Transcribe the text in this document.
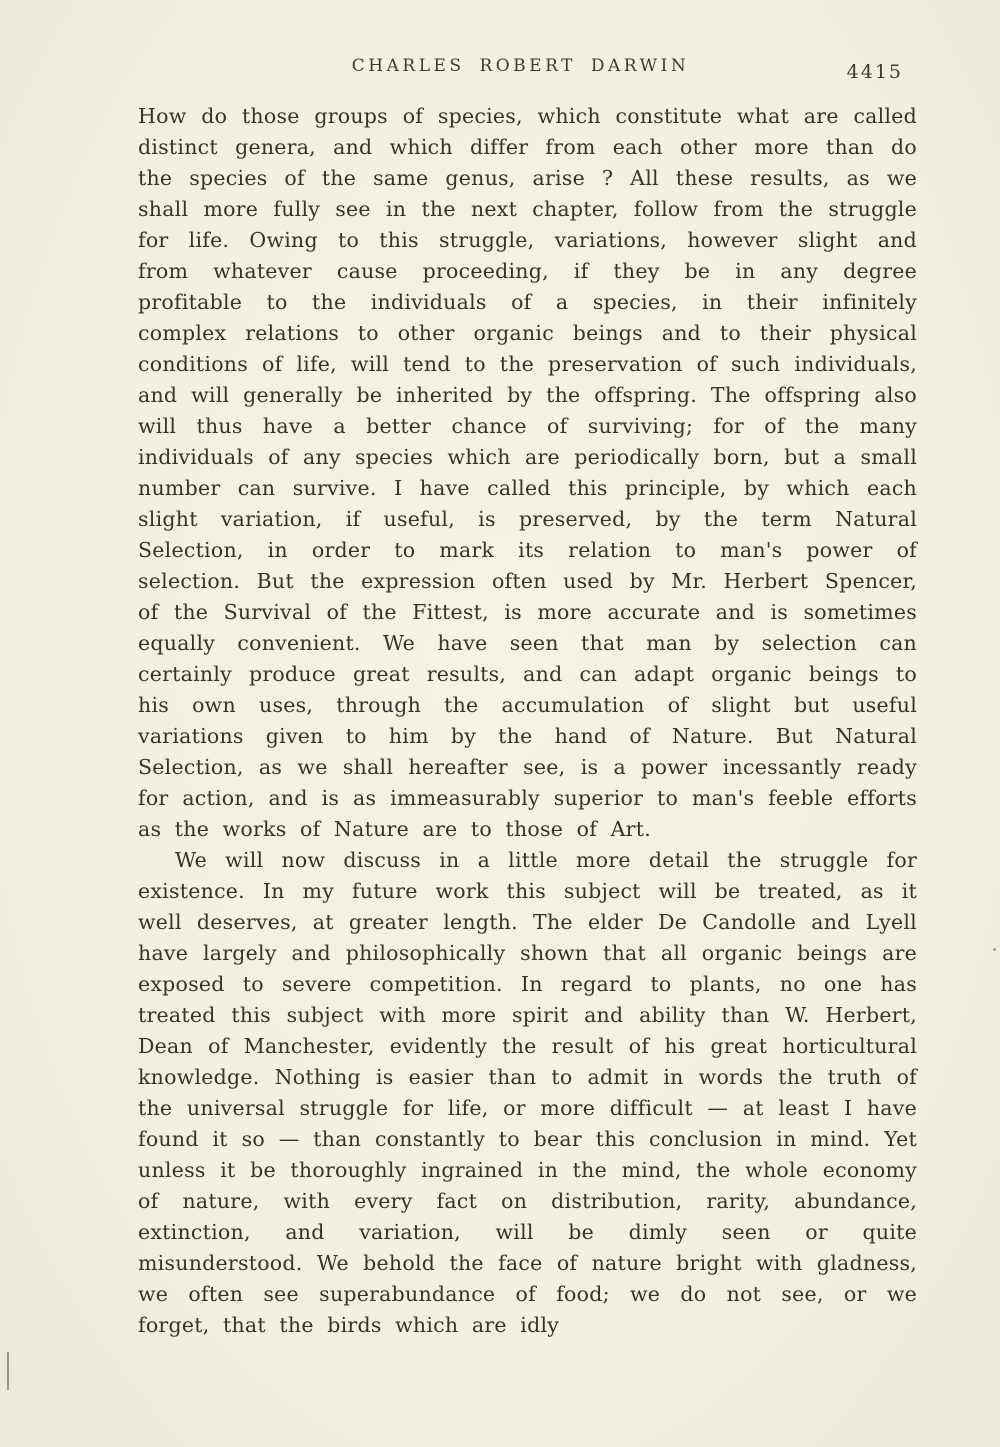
CHARLES ROBERT DARWIN	4415

How do those groups of species, which constitute what are called distinct genera, and which differ from each other more than do the species of the same genus, arise ? All these results, as we shall more fully see in the next chapter, follow from the struggle for life. Owing to this struggle, variations, however slight and from whatever cause proceeding, if they be in any degree profitable to the individuals of a species, in their infinitely complex relations to other organic beings and to their physical conditions of life, will tend to the preservation of such individuals, and will generally be inherited by the offspring. The offspring also will thus have a better chance of surviving; for of the many individuals of any species which are periodically born, but a small number can survive. I have called this principle, by which each slight variation, if useful, is preserved, by the term Natural Selection, in order to mark its relation to man's power of selection. But the expression often used by Mr. Herbert Spencer, of the Survival of the Fittest, is more accurate and is sometimes equally convenient. We have seen that man by selection can certainly produce great results, and can adapt organic beings to his own uses, through the accumulation of slight but useful variations given to him by the hand of Nature. But Natural Selection, as we shall hereafter see, is a power incessantly ready for action, and is as immeasurably superior to man's feeble efforts as the works of Nature are to those of Art.

We will now discuss in a little more detail the struggle for existence. In my future work this subject will be treated, as it well deserves, at greater length. The elder De Candolle and Lyell have largely and philosophically shown that all organic beings are exposed to severe competition. In regard to plants, no one has treated this subject with more spirit and ability than W. Herbert, Dean of Manchester, evidently the result of his great horticultural knowledge. Nothing is easier than to admit in words the truth of the universal struggle for life, or more difficult — at least I have found it so — than constantly to bear this conclusion in mind. Yet unless it be thoroughly ingrained in the mind, the whole economy of nature, with every fact on distribution, rarity, abundance, extinction, and variation, will be dimly seen or quite misunderstood. We behold the face of nature bright with gladness, we often see superabundance of food; we do not see, or we forget, that the birds which are idly
